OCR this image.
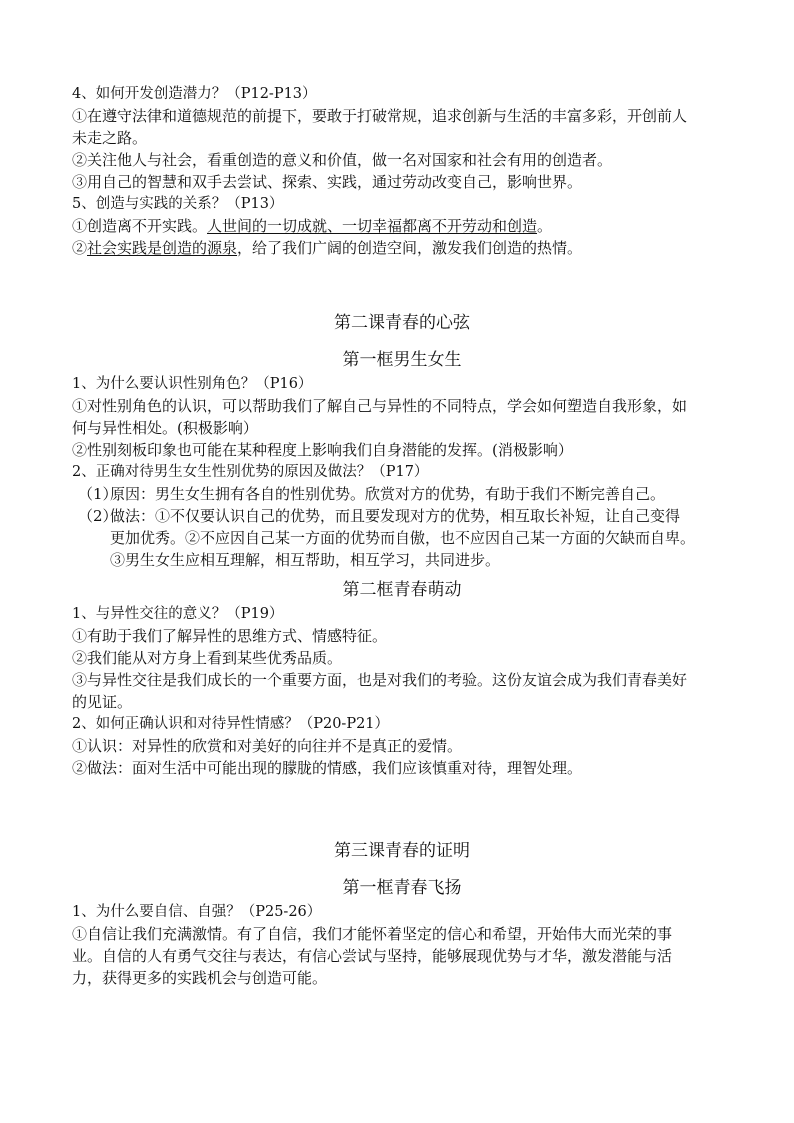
4、如何开发创造潜力？（P12-P13）

①在遵守法律和道德规范的前提下，要敢于打破常规，追求创新与生活的丰富多彩，开创前人

未走之路。

②关注他人与社会，看重创造的意义和价值，做一名对国家和社会有用的创造者。

③用自己的智慧和双手去尝试、探索、实践，通过劳动改变自己，影响世界。

5、创造与实践的关系？（P13）

①创造离不开实践。人世间的一切成就、一切幸福都离不开劳动和创造。

②社会实践是创造的源泉，给了我们广阔的创造空间，激发我们创造的热情。

第二课青春的心弦

第一框男生女生

1、为什么要认识性别角色？（P16）

①对性别角色的认识，可以帮助我们了解自己与异性的不同特点，学会如何塑造自我形象，如

何与异性相处。(积极影响）

②性别刻板印象也可能在某种程度上影响我们自身潜能的发挥。(消极影响）

2、正确对待男生女生性别优势的原因及做法？（P17）

（1）
原因：男生女生拥有各自的性别优势。欣赏对方的优势，有助于我们不断完善自己。

（2）
做法：①不仅要认识自己的优势，而且要发现对方的优势，相互取长补短，让自己变得

更加优秀。②不应因自己某一方面的优势而自傲，也不应因自己某一方面的欠缺而自卑。

③男生女生应相互理解，相互帮助，相互学习，共同进步。

第二框青春萌动

1、与异性交往的意义？（P19）

①有助于我们了解异性的思维方式、情感特征。

②我们能从对方身上看到某些优秀品质。

③与异性交往是我们成长的一个重要方面，也是对我们的考验。这份友谊会成为我们青春美好

的见证。

2、如何正确认识和对待异性情感？（P20-P21）

①认识：对异性的欣赏和对美好的向往并不是真正的爱情。

②做法：面对生活中可能出现的朦胧的情感，我们应该慎重对待，理智处理。

第三课青春的证明

第一框青春飞扬

1、为什么要自信、自强？（P25-26）

①自信让我们充满激情。有了自信，我们才能怀着坚定的信心和希望，开始伟大而光荣的事

业。自信的人有勇气交往与表达，有信心尝试与坚持，能够展现优势与才华，激发潜能与活

力，获得更多的实践机会与创造可能。
